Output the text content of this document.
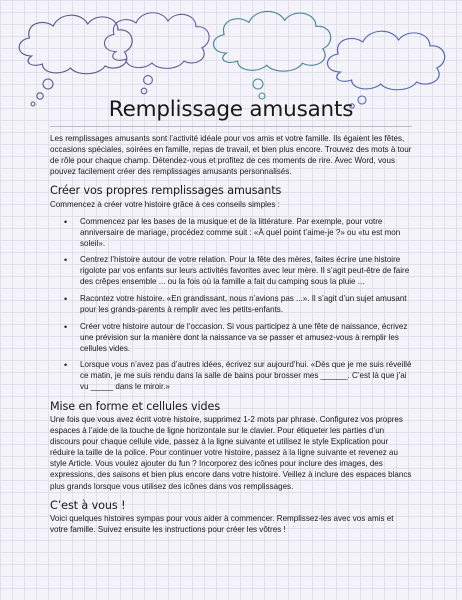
Remplissage amusants

Les remplissages amusants sont l’activité idéale pour vos amis et votre famille. Ils égaient les fêtes, occasions spéciales, soirées en famille, repas de travail, et bien plus encore. Trouvez des mots à tour de rôle pour chaque champ. Détendez-vous et profitez de ces moments de rire. Avec Word, vous pouvez facilement créer des remplissages amusants personnalisés.

Créer vos propres remplissages amusants

Commencez à créer votre histoire grâce à ces conseils simples :

• Commencez par les bases de la musique et de la littérature. Par exemple, pour votre anniversaire de mariage, procédez comme suit : «À quel point t’aime-je ?» ou «tu est mon soleil».
• Centrez l’histoire autour de votre relation. Pour la fête des mères, faites écrire une histoire rigolote par vos enfants sur leurs activités favorites avec leur mère. Il s’agit peut-être de faire des crêpes ensemble ... ou la fois où la famille a fait du camping sous la pluie ...
• Racontez votre histoire. «En grandissant, nous n’avions pas ...». Il s’agit d’un sujet amusant pour les grands-parents à remplir avec les petits-enfants.
• Créer votre histoire autour de l’occasion. Si vous participez à une fête de naissance, écrivez une prévision sur la manière dont la naissance va se passer et amusez-vous à remplir les cellules vides.
• Lorsque vous n’avez pas d’autres idées, écrivez sur aujourd’hui. «Dès que je me suis réveillé ce matin, je me suis rendu dans la salle de bains pour brosser mes ______. C’est là que j’ai vu _____ dans le miroir.»
Mise en forme et cellules vides

Une fois que vous avez écrit votre histoire, supprimez 1-2 mots par phrase. Configurez vos propres espaces à l’aide de la touche de ligne horizontale sur le clavier. Pour étiqueter les parties d’un discours pour chaque cellule vide, passez à la ligne suivante et utilisez le style Explication pour réduire la taille de la police. Pour continuer votre histoire, passez à la ligne suivante et revenez au style Article. Vous voulez ajouter du fun ? Incorporez des icônes pour inclure des images, des expressions, des saisons et bien plus encore dans votre histoire. Veillez à inclure des espaces blancs plus grands lorsque vous utilisez des icônes dans vos remplissages.

C’est à vous !

Voici quelques histoires sympas pour vous aider à commencer. Remplissez-les avec vos amis et votre famille. Suivez ensuite les instructions pour créer les vôtres !
